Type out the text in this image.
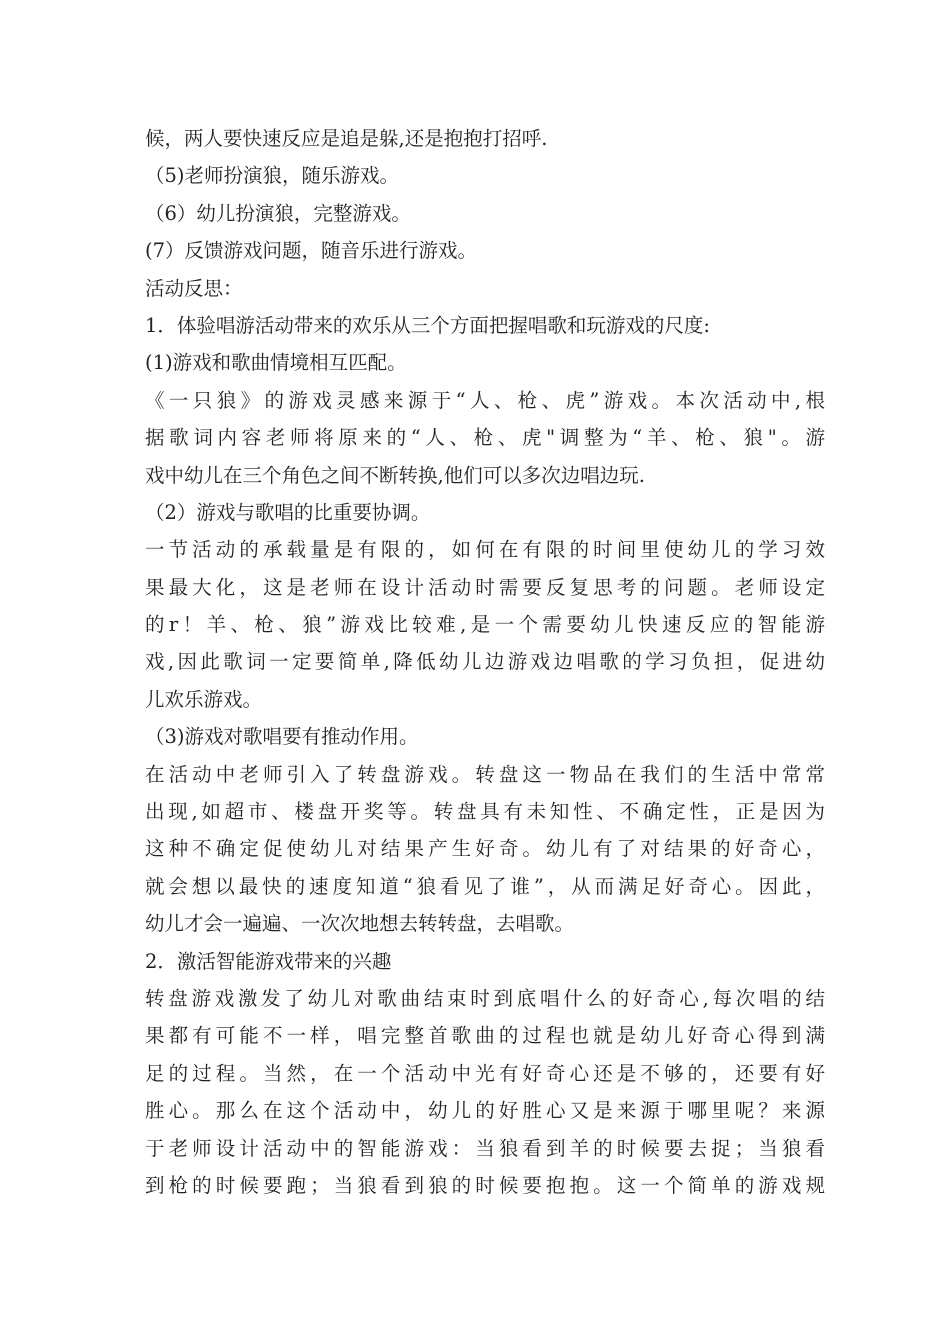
候，两人要快速反应是追是躲,还是抱抱打招呼.
（5)老师扮演狼，随乐游戏。
（6）幼儿扮演狼，完整游戏。
(7）反馈游戏问题，随音乐进行游戏。
活动反思：
1．体验唱游活动带来的欢乐从三个方面把握唱歌和玩游戏的尺度:
(1)游戏和歌曲情境相互匹配。
《一只狼》的游戏灵感来源于“人、枪、虎”游戏。本次活动中,根
据歌词内容老师将原来的“人、枪、虎"调整为“羊、枪、狼"。游
戏中幼儿在三个角色之间不断转换,他们可以多次边唱边玩.
（2）游戏与歌唱的比重要协调。
一节活动的承载量是有限的，如何在有限的时间里使幼儿的学习效
果最大化，这是老师在设计活动时需要反复思考的问题。老师设定
的r！羊、枪、狼”游戏比较难,是一个需要幼儿快速反应的智能游
戏,因此歌词一定要简单,降低幼儿边游戏边唱歌的学习负担，促进幼
儿欢乐游戏。
（3)游戏对歌唱要有推动作用。
在活动中老师引入了转盘游戏。转盘这一物品在我们的生活中常常
出现,如超市、楼盘开奖等。转盘具有未知性、不确定性，正是因为
这种不确定促使幼儿对结果产生好奇。幼儿有了对结果的好奇心，
就会想以最快的速度知道“狼看见了谁”，从而满足好奇心。因此，
幼儿才会一遍遍、一次次地想去转转盘，去唱歌。
2．激活智能游戏带来的兴趣
转盘游戏激发了幼儿对歌曲结束时到底唱什么的好奇心,每次唱的结
果都有可能不一样，唱完整首歌曲的过程也就是幼儿好奇心得到满
足的过程。当然，在一个活动中光有好奇心还是不够的，还要有好
胜心。那么在这个活动中，幼儿的好胜心又是来源于哪里呢？来源
于老师设计活动中的智能游戏：当狼看到羊的时候要去捉；当狼看
到枪的时候要跑；当狼看到狼的时候要抱抱。这一个简单的游戏规
